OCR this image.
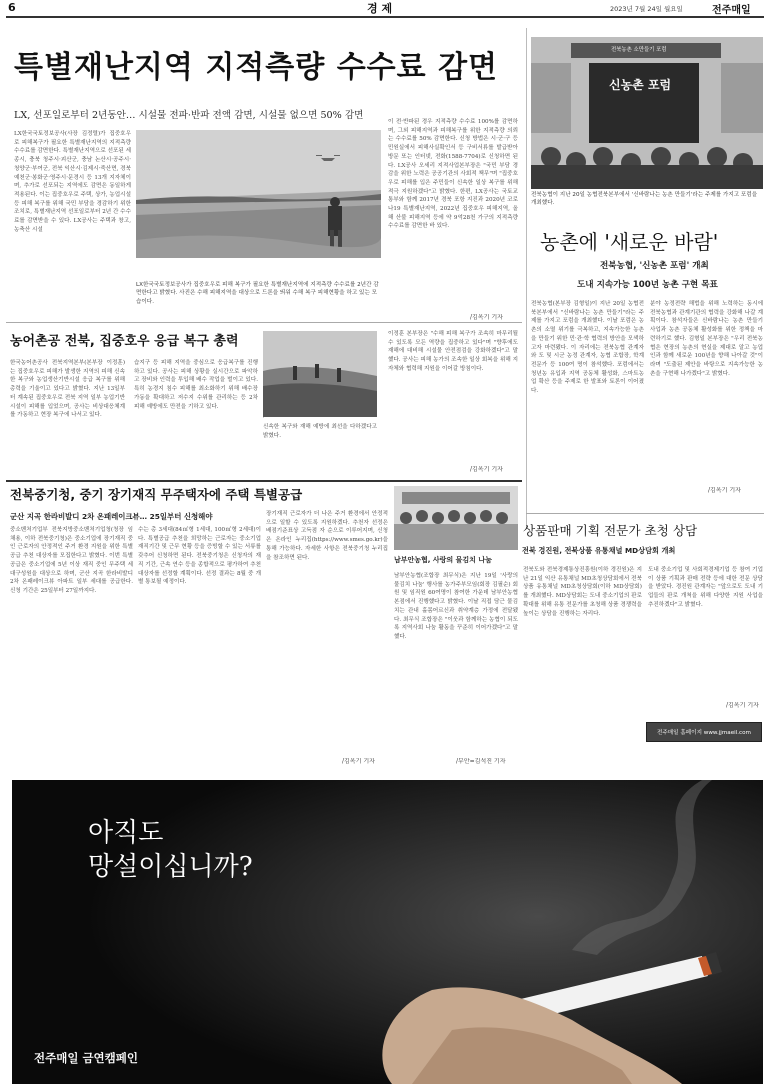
6	경 제	2023년 7월 24일 월요일	전주매일
특별재난지역 지적측량 수수료 감면
LX, 선포일로부터 2년동안… 시설물 전파·반파 전액 감면, 시설물 없으면 50% 감면
LX한국국토정보공사(사장 김정렬)가 집중호우로 피해복구가 필요한 특별재난지역의 지적측량 수수료를 감면한다. 특별재난지역으로 선포된 세종시, 충북 청주시·괴산군, 충남 논산시·공주시·청양군·부여군, 전북 익산시·김제시·죽산면, 경북 예천군·봉화군·영주시·문경시 등 13개 지자체이며, 추가로 선포되는 지역에도 감면은 동일하게 적용된다. 이는 집중호우로 주택, 상가, 농업시설 등 피해 복구를 위해 국민 부담을 경감하기 위한 조치로, 특별재난지역 선포일로부터 2년 간 수수료를 감면받을 수 있다. LX공사는 주택과 창고, 농축산 시설
LX한국국토정보공사가 집중호우로 피해 복구가 필요한 특별재난지역에 지적측량 수수료를 2년간 감면한다고 밝혔다. 사진은 수해 피해지역을 대상으로 드론을 띄워 수해 복구 피해현황을 하고 있는 모습이다.
이 전·반파된 경우 지적측량 수수료 100%를 감면하며, 그외 피해지역과 피해복구를 위한 지적측량 의뢰는 수수료를 50% 감면한다. 신청 방법은 시·군·구 등 민원실에서 피해사실확인서 등 구비서류를 발급받아 방문 또는 인터넷, 전화(1588-7704)로 신청하면 된다. LX공사 오세리 지적사업본부장은 "국민 부담 경감을 위한 노력은 공공기관의 사회적 책무"며 "집중호우로 피해를 입은 주민들이 신속한 일상 복구를 위해 적극 지원하겠다"고 밝혔다. 한편, LX공사는 국토교통부와 함께 2017년 경북 포항 지진과 2020년 코로나19 특별재난지역, 2022년 집중호우 피해지역, 올해 산불 피해지역 등에 약 9억28천 가구의 지적측량 수수료를 감면한 바 있다.
/김옥기 기자
전북농촌 소만들기 포럼
신농촌 포럼
전북농협이 지난 20일 농협전북본부에서 '신바람나는 농촌 만들기'라는 주제를 가지고 포럼을 개최했다.
농촌에 '새로운 바람'
전북농협, '신농촌 포럼' 개최
도내 지속가능 100년 농촌 구현 목표
전북농협(본부장 김형일)이 지난 20일 농협전북본부에서 "신바람나는 농촌 만들기"라는 주제를 가지고 포럼을 개최했다. 이날 포럼은 농촌의 소멸 위기를 극복하고, 지속가능한 농촌을 만들기 위한 민·관·학 협력의 방안을 모색하고자 마련됐다. 이 자리에는 전북농협 관계자와 도 및 시군 농정 관계자, 농협 조합장, 학계 전문가 등 100여 명이 참석했다. 포럼에서는 청년농 유입과 지역 공동체 활성화, 스마트농업 확산 등을 주제로 한 발표와 토론이 이어졌다.
분야 농정전략 해법을 위해 노력하는 동시에 전북농협과 관계기관의 협력을 강화해 나갈 계획이다. 참석자들은 신바람나는 농촌 만들기 사업과 농촌 공동체 활성화를 위한 정책을 마련하기로 했다. 김형일 본부장은 "우리 전북농협은 현장의 농촌의 현실을 제대로 알고 농업인과 함께 새로운 100년을 향해 나아갈 것"이라며 "도출된 제안을 바탕으로 지속가능한 농촌을 구현해 나가겠다"고 밝혔다.
/김옥기 기자
농어촌공 전북, 집중호우 응급 복구 총력
한국농어촌공사 전북지역본부(본부장 이정훈)는 집중호우로 피해가 발생한 지역의 피해 신속한 복구와 농업생산기반시설 응급 복구를 위해 총력을 기울이고 있다고 밝혔다. 지난 13일부터 계속된 집중호우로 전북 지역 일부 농업기반시설이 피해를 입었으며, 공사는 비상대응체계를 가동하고 현장 복구에 나서고 있다.
습지구 등 피해 지역을 중심으로 응급복구를 진행하고 있다. 공사는 피해 상황을 실시간으로 파악하고 장비와 인력을 투입해 배수 작업을 벌이고 있다. 특히 농경지 침수 피해를 최소화하기 위해 배수장 가동을 확대하고 저수지 수위를 관리하는 등 2차 피해 예방에도 만전을 기하고 있다.
신속한 복구와 재해 예방에 최선을 다하겠다고 밝혔다.
이정훈 본부장은 "수해 피해 복구가 조속히 마무리될 수 있도록 모든 역량을 집중하고 있다"며 "향후에도 재해에 대비해 시설물 안전점검을 강화하겠다"고 말했다. 공사는 피해 농가의 조속한 일상 회복을 위해 지자체와 협력해 지원을 이어갈 방침이다.
/김옥기 기자
농
전북중기청, 중기 장기재직 무주택자에 주택 특별공급
군산 지곡 한라비발디 2차 온패레이크뷰… 25일부터 신청해야
중소벤처기업부 전북지방중소벤처기업청(청장 임채용, 이하 전북중기청)은 중소기업에 장기재직 중인 근로자의 안정적인 주거 환경 지원을 위한 특별공급 추천 대상자를 모집한다고 밝혔다. 이번 특별공급은 중소기업에 5년 이상 재직 중인 무주택 세대구성원을 대상으로 하며, 군산 지곡 한라비발디 2차 온패레이크뷰 아파트 일부 세대를 공급한다. 신청 기간은 25일부터 27일까지다.
수는 총 3세대(84㎡형 1세대, 100㎡형 2세대)이다. 특별공급 추천을 희망하는 근로자는 중소기업 재직기간 및 근무 현황 등을 증빙할 수 있는 서류를 갖추어 신청하면 된다. 전북중기청은 신청자의 재직 기간, 근속 연수 등을 종합적으로 평가하여 추천 대상자를 선정할 계획이다. 선정 결과는 8월 중 개별 통보될 예정이다.
장기재직 근로자가 더 나은 주거 환경에서 안정적으로 일할 수 있도록 지원하겠다. 추천자 선정은 배점기준표상 고득점 자 순으로 이루어지며, 신청은 온라인 누리집(https://www.smes.go.kr)을 통해 가능하다. 자세한 사항은 전북중기청 누리집을 참조하면 된다.
/김옥기 기자
남부안농협, 사랑의 물김치 나눔
남부안농협(조합장 최무식)은 지난 19일 '사랑의 물김치 나눔' 행사를 농가주부모임(회장 김필순) 회원 및 임직원 60여명이 참여한 가운데 남부안농협 본점에서 진행했다고 밝혔다. 이날 직접 담근 물김치는 관내 홀몸어르신과 취약계층 가정에 전달됐다. 최무식 조합장은 "이웃과 함께하는 농협이 되도록 지역사회 나눔 활동을 꾸준히 이어가겠다"고 말했다.
/부안=김석진 기자
상품판매 기획 전문가 초청 상담
전북 경진원, 전북상품 유통채널 MD상담회 개최
전북도와 전북경제통상진흥원(이하 경진원)은 지난 21일 익산 유통채널 MD초청상담회에서 전북상품 유통채널 MD초청상담회(이하 MD상담회)를 개최했다. MD상담회는 도내 중소기업의 판로 확대를 위해 유통 전문가를 초청해 상품 경쟁력을 높이는 상담을 진행하는 자리다.
도내 중소기업 및 사회적경제기업 등 참여 기업이 상품 기획과 판매 전략 등에 대한 전문 상담을 받았다. 경진원 관계자는 "앞으로도 도내 기업들의 판로 개척을 위해 다양한 지원 사업을 추진하겠다"고 밝혔다.
/김옥기 기자
전주매일 홈페이지 www.jjmaeil.com
아직도
망설이십니까?
전주매일 금연캠페인
